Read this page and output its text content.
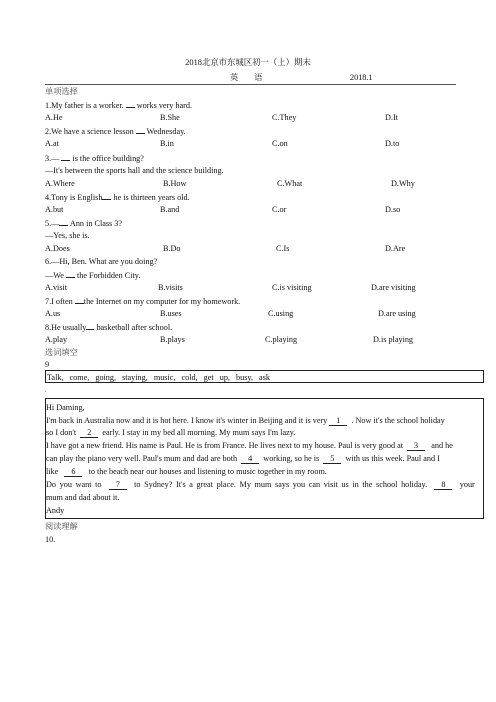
2018北京市东城区初一（上）期末
英 语	2018.1
单项选择
1.My father is a worker.  works very hard.
A.He	B.She	C.They	D.It
2.We have a science lesson  Wednesday.
A.at	B.in	C.on	D.to
3.—  is the office building?
—It's between the sports hall and the science building.
A.Where	B.How	C.What	D.Why
4.Tony is English he is thirteen years old.
A.but	B.and	C.or	D.so
5.— Ann in Class 3?
—Yes, she is.
A.Does	B.Do	C.Is	D.Are
6.—Hi, Ben. What are you doing?
—We  the Forbidden City.
A.visit	B.visits	C.is visiting	D.are visiting
7.I often the Internet on my computer for my homework.
A.us	B.uses	C.using	D.are using
8.He usually basketball after school.
A.play	B.plays	C.playing	D.is playing
选词填空
9
Talk, come, going, staying, music, cold, get up, busy, ask
.
Hi Daming,
I'm back in Australia now and it is hot here. I know it's winter in Beijing and it is very 1 . Now it's the school holiday
so I don't 2 early. I stay in my bed all morning. My mum says I'm lazy.
I have got a new friend. His name is Paul. He is from France. He lives next to my house. Paul is very good at 3 and he
can play the piano very well. Paul's mum and dad are both 4 working, so he is 5 with us this week. Paul and I
like 6 to the beach near our houses and listening to music together in my room.
Do you want to 7 to Sydney? It's a great place. My mum says you can visit us in the school holiday. 8 your
mum and dad about it.
Andy
阅读理解
10.
